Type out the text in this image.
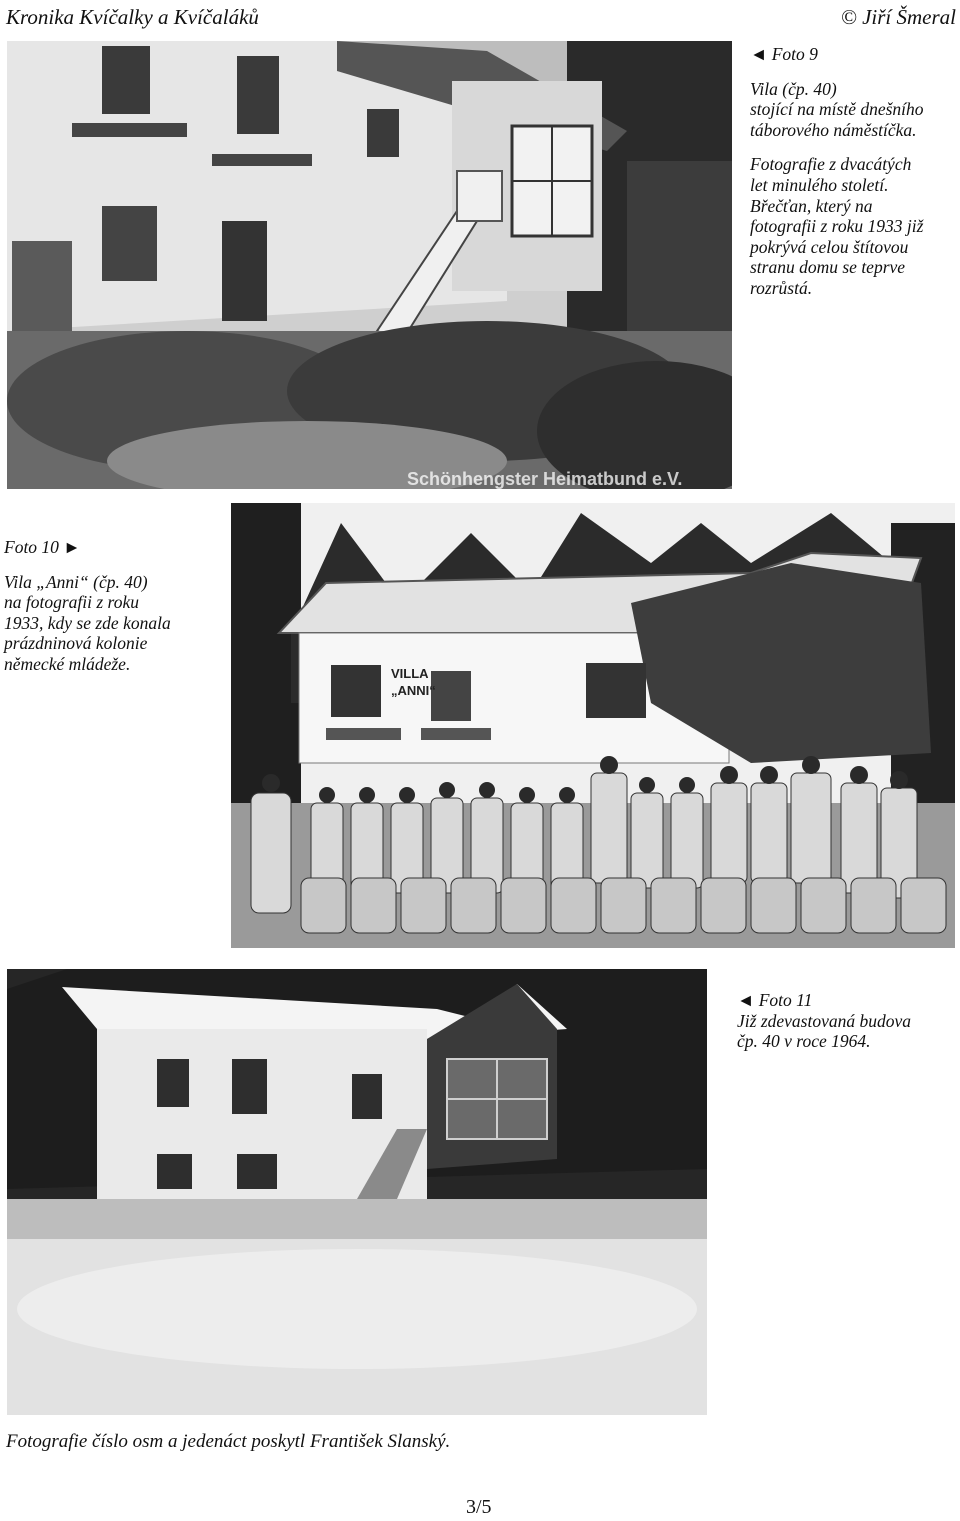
Kronika Kvíčalky a Kvíčaláků	© Jiří Šmeral
Schönhengster Heimatbund e.V.
◄ Foto 9
Vila (čp. 40)
stojící na místě dnešního
táborového náměstíčka.
Fotografie z dvacátých
let minulého století.
Břečťan, který na
fotografii z roku 1933 již
pokrývá celou štítovou
stranu domu se teprve
rozrůstá.
Foto 10 ►
Vila „Anni“ (čp. 40)
na fotografii z roku
1933, kdy se zde konala
prázdninová kolonie
německé mládeže.	VILLA
„ANNI“
◄ Foto 11
Již zdevastovaná budova
čp. 40 v roce 1964.
Fotografie číslo osm a jedenáct poskytl František Slanský.
3/5
